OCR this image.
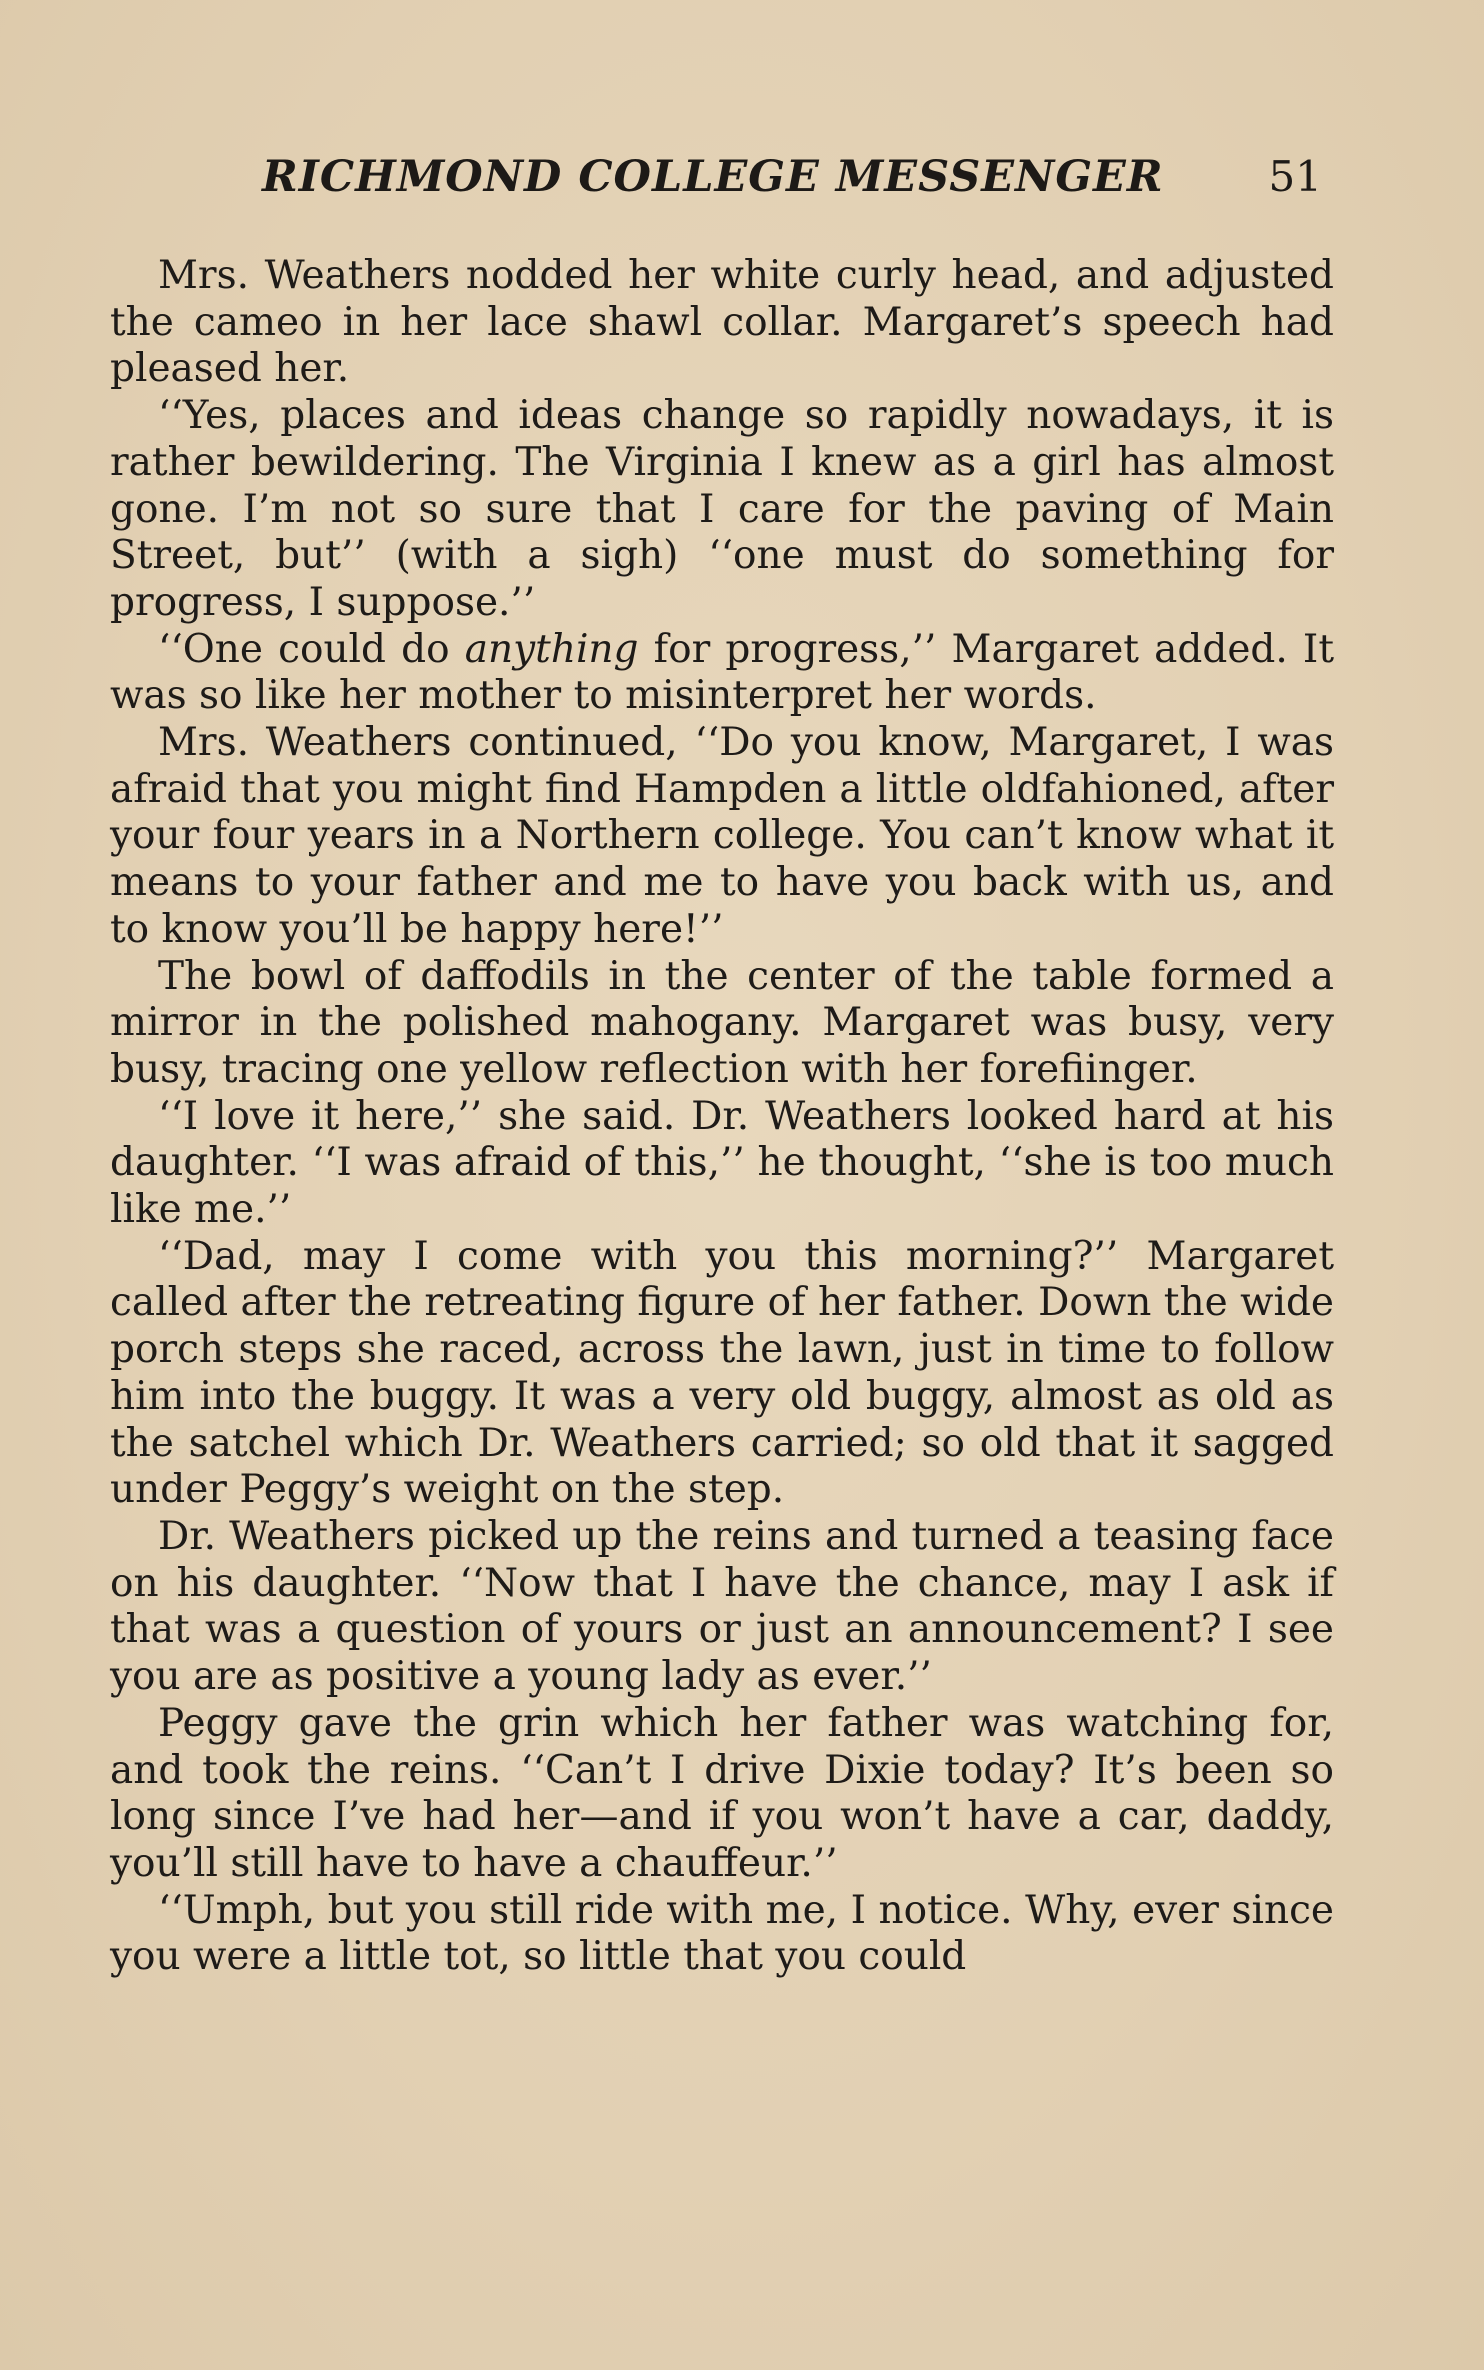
RICHMOND COLLEGE MESSENGER 51

Mrs. Weathers nodded her white curly head, and adjusted the cameo in her lace shawl collar. Margaret’s speech had pleased her.

‘‘Yes, places and ideas change so rapidly nowadays, it is rather bewildering. The Virginia I knew as a girl has almost gone. I’m not so sure that I care for the paving of Main Street, but’’ (with a sigh) ‘‘one must do something for progress, I suppose.’’

‘‘One could do anything for progress,’’ Margaret added. It was so like her mother to misinterpret her words.

Mrs. Weathers continued, ‘‘Do you know, Margaret, I was afraid that you might find Hampden a little oldfahioned, after your four years in a Northern college. You can’t know what it means to your father and me to have you back with us, and to know you’ll be happy here!’’

The bowl of daffodils in the center of the table formed a mirror in the polished mahogany. Margaret was busy, very busy, tracing one yellow reflection with her forefiinger.

‘‘I love it here,’’ she said. Dr. Weathers looked hard at his daughter. ‘‘I was afraid of this,’’ he thought, ‘‘she is too much like me.’’

‘‘Dad, may I come with you this morning?’’ Margaret called after the retreating figure of her father. Down the wide porch steps she raced, across the lawn, just in time to follow him into the buggy. It was a very old buggy, almost as old as the satchel which Dr. Weathers carried; so old that it sagged under Peggy’s weight on the step.

Dr. Weathers picked up the reins and turned a teasing face on his daughter. ‘‘Now that I have the chance, may I ask if that was a question of yours or just an announcement? I see you are as positive a young lady as ever.’’

Peggy gave the grin which her father was watching for, and took the reins. ‘‘Can’t I drive Dixie today? It’s been so long since I’ve had her—and if you won’t have a car, daddy, you’ll still have to have a chauffeur.’’

‘‘Umph, but you still ride with me, I notice. Why, ever since you were a little tot, so little that you could
